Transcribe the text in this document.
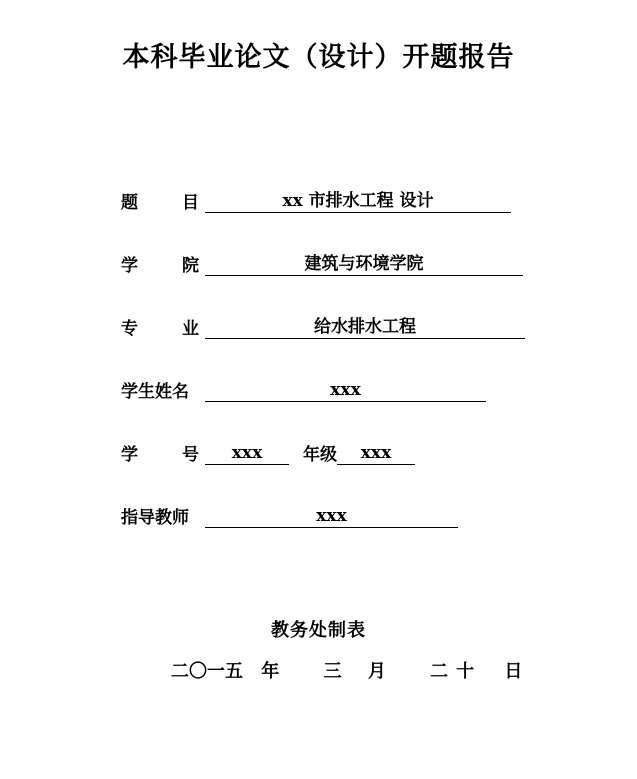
本科毕业论文（设计）开题报告
题	目	xx 市排水工程 设计
学	院	建筑与环境学院
专	业	给水排水工程
学生姓名	xxx
学	号	xxx	年级	xxx
指导教师	xxx
教务处制表
二〇一五 年 三 月 二十 日
